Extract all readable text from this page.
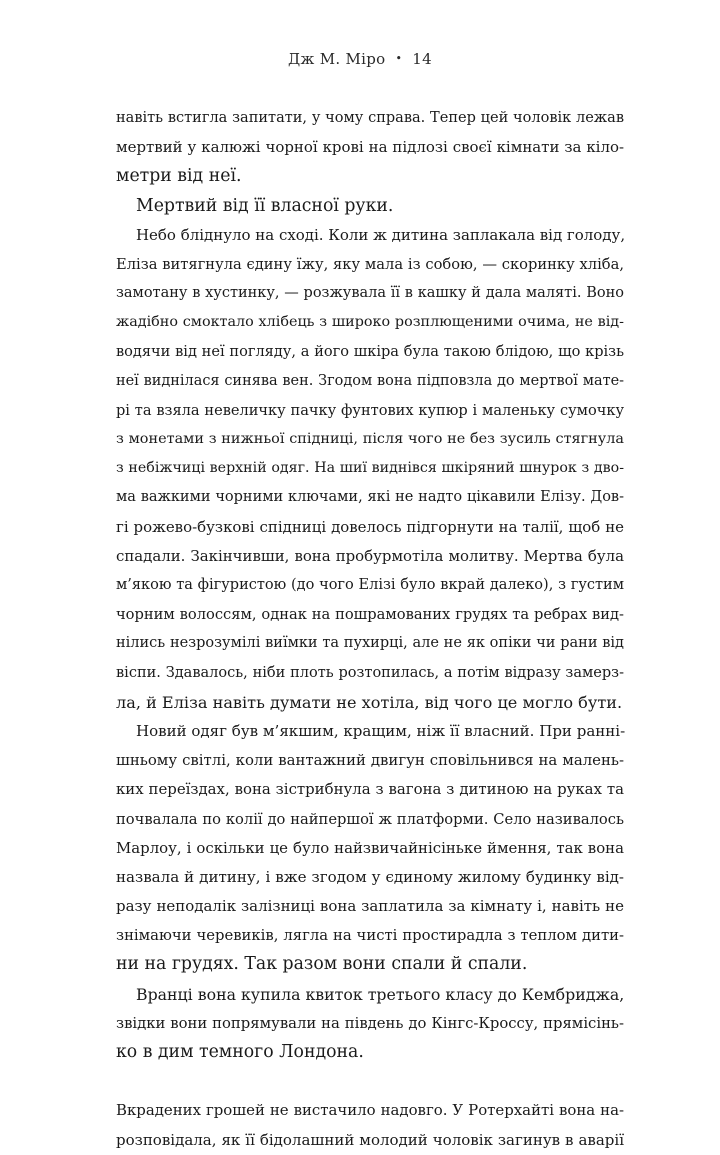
Дж М. Міро • 14
навіть встигла запитати, у чому справа. Тепер цей чоловік лежав
мертвий у калюжі чорної крові на підлозі своєї кімнати за кіло-
метри від неї.
Мертвий від її власної руки.
Небо бліднуло на сході. Коли ж дитина заплакала від голоду,
Еліза витягнула єдину їжу, яку мала із собою, — скоринку хліба,
замотану в хустинку, — розжувала її в кашку й дала маляті. Воно
жадібно смоктало хлібець з широко розплющеними очима, не від-
водячи від неї погляду, а його шкіра була такою блідою, що крізь
неї виднілася синява вен. Згодом вона підповзла до мертвої мате-
рі та взяла невеличку пачку фунтових купюр і маленьку сумочку
з монетами з нижньої спідниці, після чого не без зусиль стягнула
з небіжчиці верхній одяг. На шиї виднівся шкіряний шнурок з дво-
ма важкими чорними ключами, які не надто цікавили Елізу. Дов-
гі рожево-бузкові спідниці довелось підгорнути на талії, щоб не
спадали. Закінчивши, вона пробурмотіла молитву. Мертва була
м’якою та фігуристою (до чого Елізі було вкрай далеко), з густим
чорним волоссям, однак на пошрамованих грудях та ребрах вид-
нілись незрозумілі виїмки та пухирці, але не як опіки чи рани від
віспи. Здавалось, ніби плоть розтопилась, а потім відразу замерз-
ла, й Еліза навіть думати не хотіла, від чого це могло бути.
Новий одяг був м’якшим, кращим, ніж її власний. При ранні-
шньому світлі, коли вантажний двигун сповільнився на малень-
ких переїздах, вона зістрибнула з вагона з дитиною на руках та
почвалала по колії до найпершої ж платформи. Село називалось
Марлоу, і оскільки це було найзвичайнісіньке ймення, так вона
назвала й дитину, і вже згодом у єдиному жилому будинку від-
разу неподалік залізниці вона заплатила за кімнату і, навіть не
знімаючи черевиків, лягла на чисті простирадла з теплом дити-
ни на грудях. Так разом вони спали й спали.
Вранці вона купила квиток третього класу до Кембриджа,
звідки вони попрямували на південь до Кінгс-Кроссу, прямісінь-
ко в дим темного Лондона.
Вкрадених грошей не вистачило надовго. У Ротерхайті вона на-
розповідала, як її бідолашний молодий чоловік загинув в аварії
